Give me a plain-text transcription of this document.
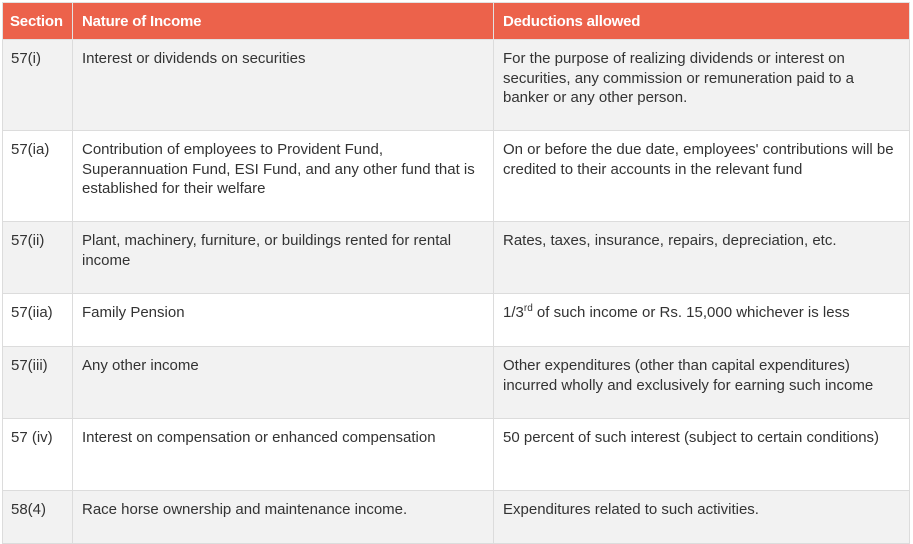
Section	Nature of Income	Deductions allowed
57(i)	Interest or dividends on securities	For the purpose of realizing dividends or interest on securities, any commission or remuneration paid to a banker or any other person.
57(ia)	Contribution of employees to Provident Fund, Superannuation Fund, ESI Fund, and any other fund that is established for their welfare	On or before the due date, employees' contributions will be credited to their accounts in the relevant fund
57(ii)	Plant, machinery, furniture, or buildings rented for rental income	Rates, taxes, insurance, repairs, depreciation, etc.
57(iia)	Family Pension	1/3rd of such income or Rs. 15,000 whichever is less
57(iii)	Any other income	Other expenditures (other than capital expenditures) incurred wholly and exclusively for earning such income
57 (iv)	Interest on compensation or enhanced compensation	50 percent of such interest (subject to certain conditions)
58(4)	Race horse ownership and maintenance income.	Expenditures related to such activities.
